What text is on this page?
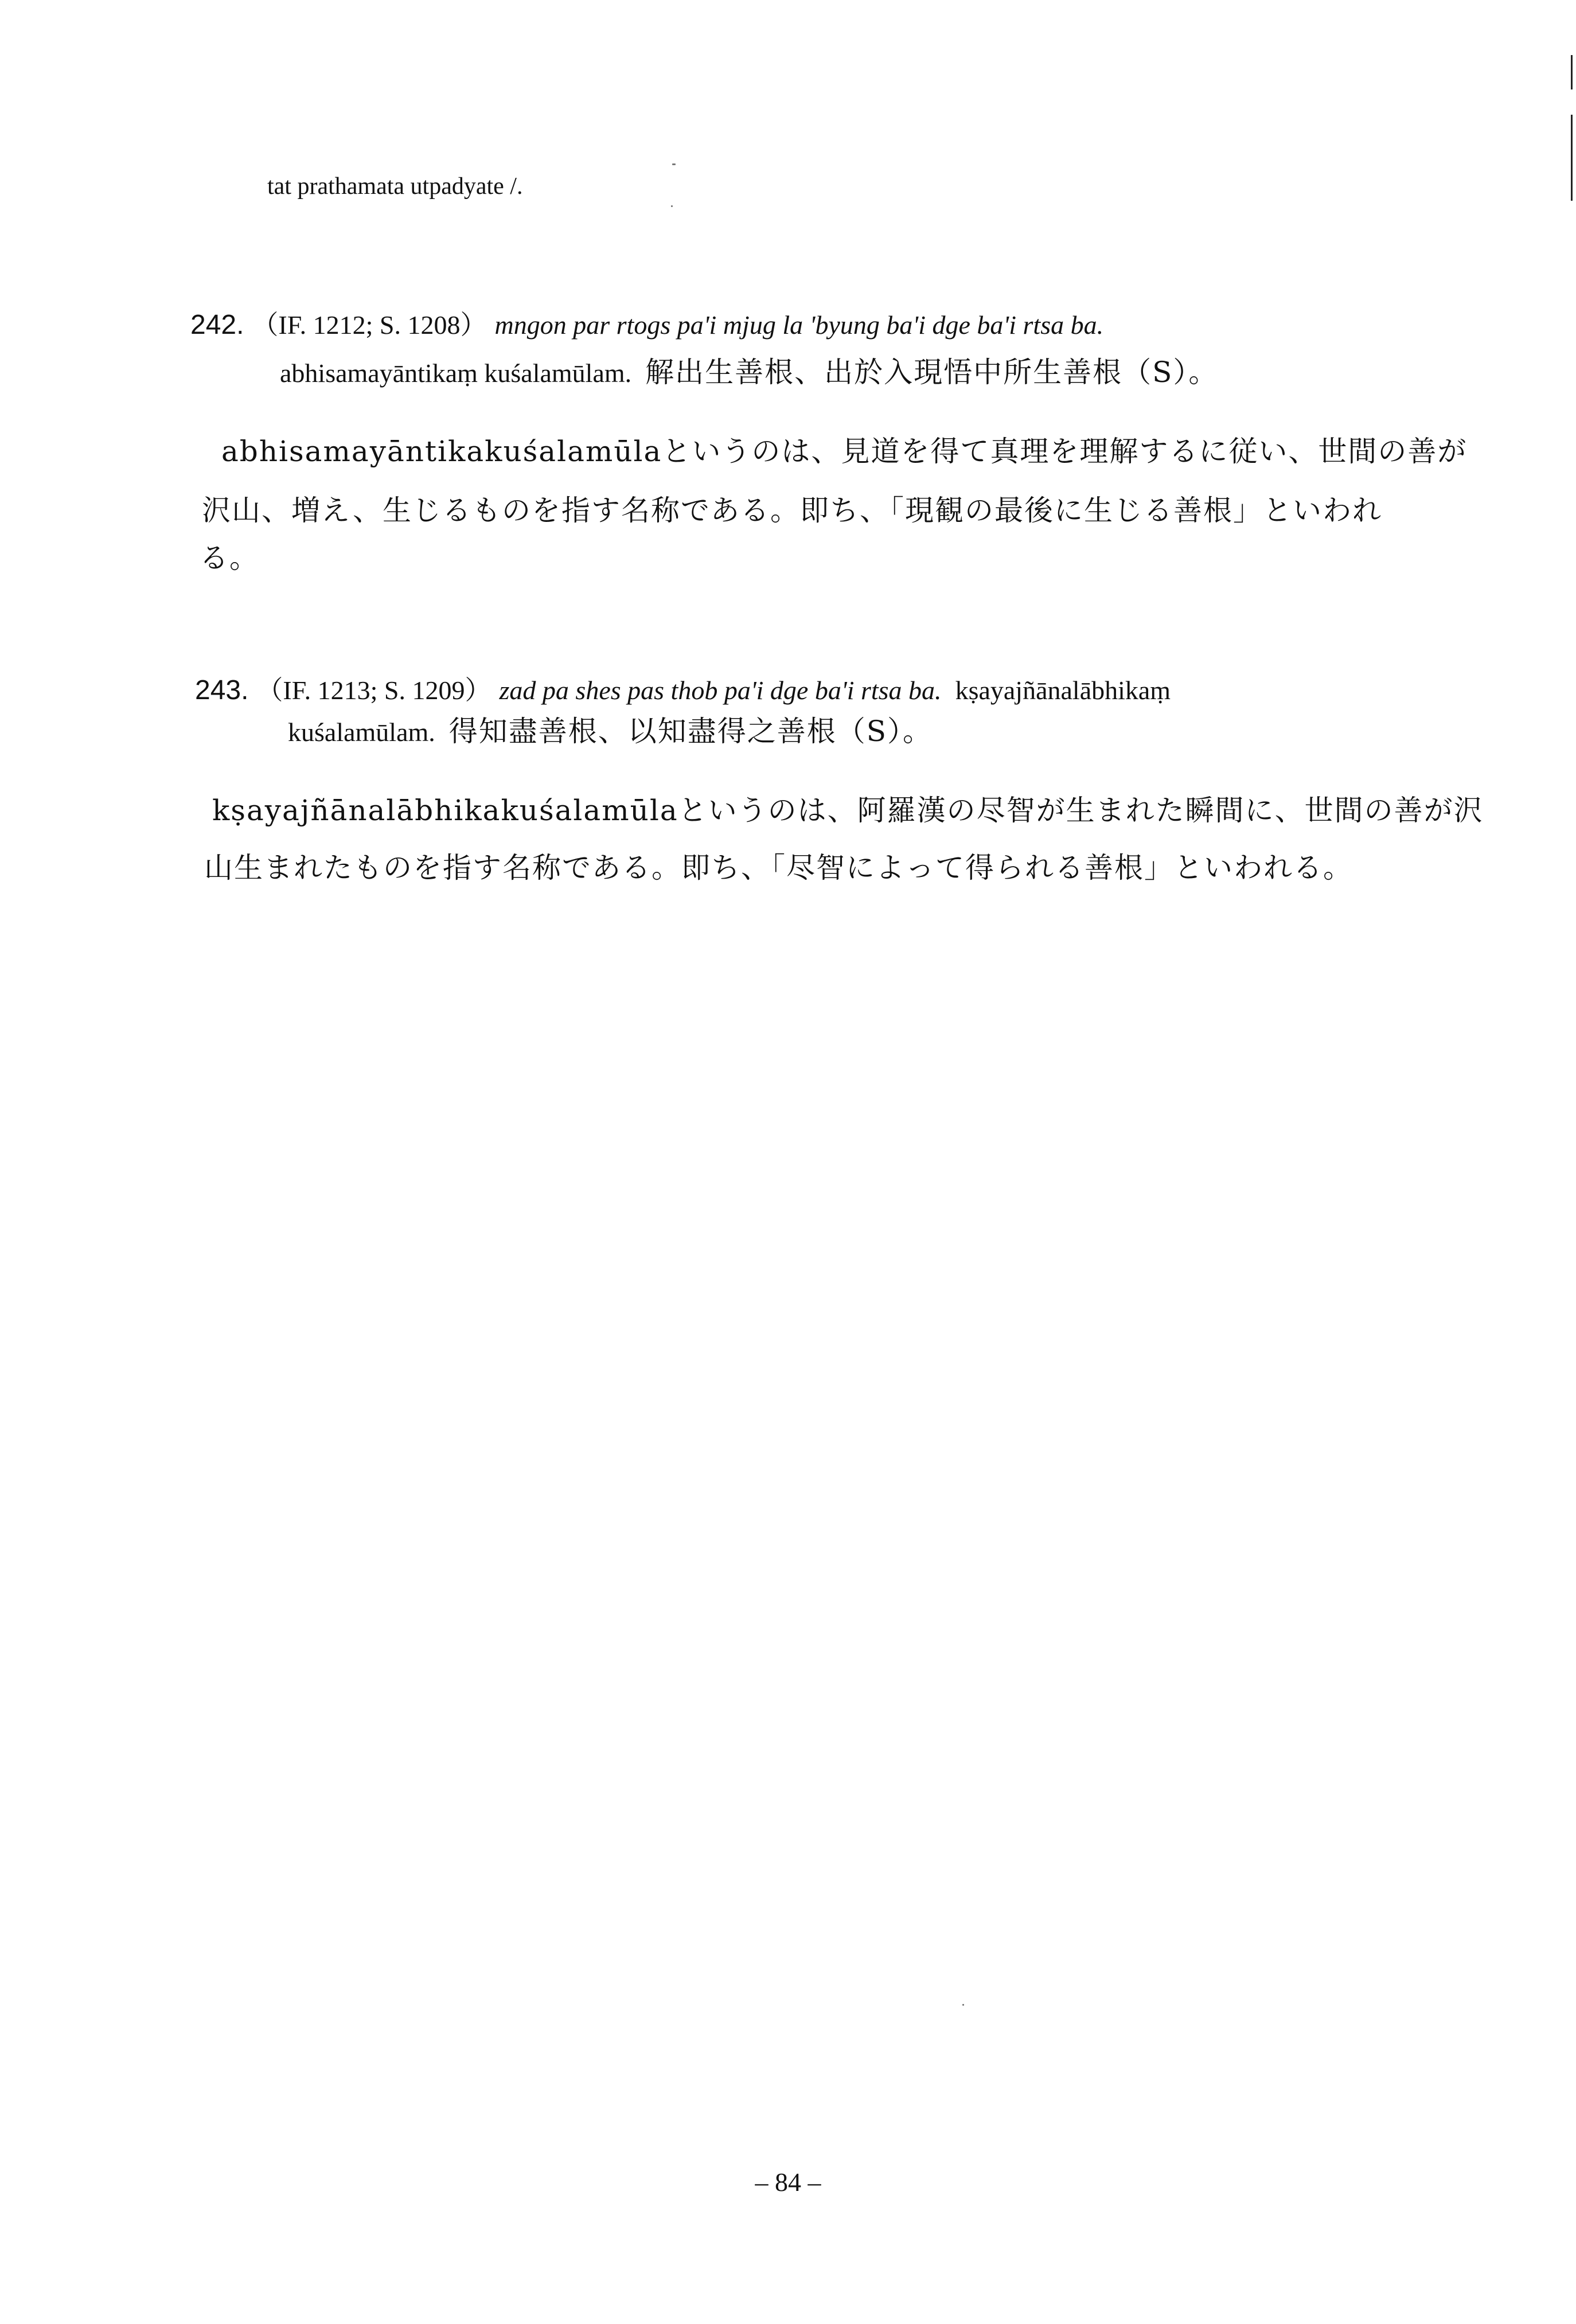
tat prathamata utpadyate /.
242. （IF. 1212; S. 1208） mngon par rtogs pa'i mjug la 'byung ba'i dge ba'i rtsa ba.
abhisamayāntikaṃ kuśalamūlam. 解出生善根、出於入現悟中所生善根（S）。
abhisamayāntikakuśalamūlaというのは、見道を得て真理を理解するに従い、世間の善が
沢山、増え、生じるものを指す名称である。即ち、「現観の最後に生じる善根」といわれ
る。
243. （IF. 1213; S. 1209） zad pa shes pas thob pa'i dge ba'i rtsa ba. kṣayajñānalābhikaṃ
kuśalamūlam. 得知盡善根、以知盡得之善根（S）。
kṣayajñānalābhikakuśalamūlaというのは、阿羅漢の尽智が生まれた瞬間に、世間の善が沢
山生まれたものを指す名称である。即ち、「尽智によって得られる善根」といわれる。
– 84 –
